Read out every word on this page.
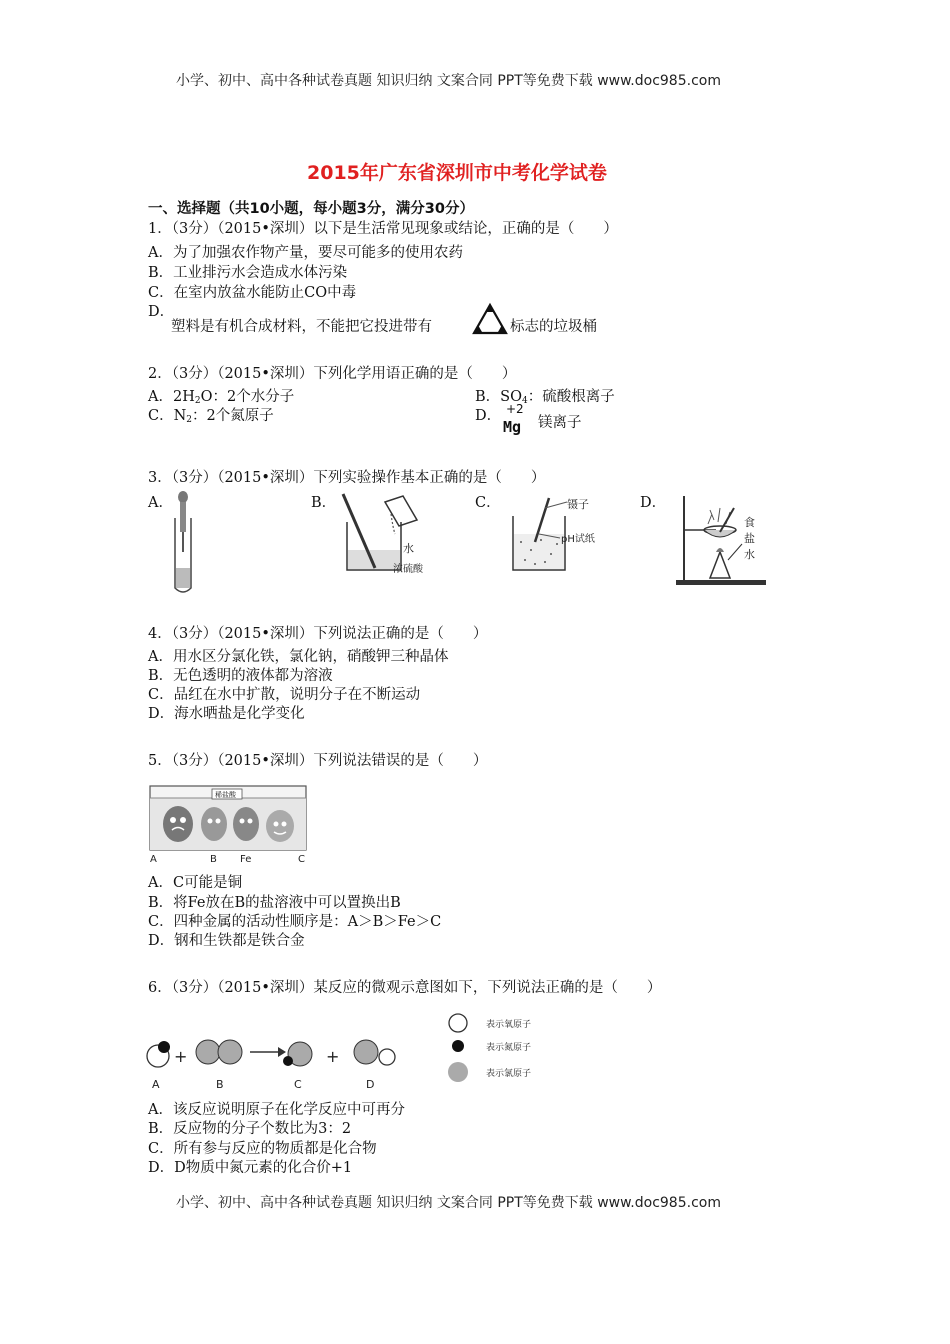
小学、初中、高中各种试卷真题 知识归纳 文案合同 PPT等免费下载 www.doc985.com
2015年广东省深圳市中考化学试卷
一、选择题（共10小题，每小题3分，满分30分）
1．（3分）（2015•深圳）以下是生活常见现象或结论，正确的是（　　）
A．为了加强农作物产量，要尽可能多的使用农药
B．工业排污水会造成水体污染
C．在室内放盆水能防止CO中毒
D．
塑料是有机合成材料，不能把它投进带有	标志的垃圾桶
2．（3分）（2015•深圳）下列化学用语正确的是（　　）
A．$2H_2O$：2个水分子	B．$SO_4$：硫酸根离子
C．$N_2$：2个氮原子	D． +2
Mg 镁离子
3．（3分）（2015•深圳）下列实验操作基本正确的是（　　）
A．	B．	C．	D．
水
浓硫酸
镊子
pH试纸
食
盐
水
4．（3分）（2015•深圳）下列说法正确的是（　　）
A．用水区分氯化铁，氯化钠，硝酸钾三种晶体
B．无色透明的液体都为溶液
C．品红在水中扩散，说明分子在不断运动
D．海水晒盐是化学变化
5．（3分）（2015•深圳）下列说法错误的是（　　）
稀盐酸
A	B Fe	C
A．C可能是铜
B．将Fe放在B的盐溶液中可以置换出B
C．四种金属的活动性顺序是：A＞B＞Fe＞C
D．钢和生铁都是铁合金
6．（3分）（2015•深圳）某反应的微观示意图如下，下列说法正确的是（　　）
+	+
A	B	C	D
表示氧原子
表示氮原子
表示氯原子
A．该反应说明原子在化学反应中可再分
B．反应物的分子个数比为3：2
C．所有参与反应的物质都是化合物
D．D物质中氮元素的化合价+1
小学、初中、高中各种试卷真题 知识归纳 文案合同 PPT等免费下载 www.doc985.com
